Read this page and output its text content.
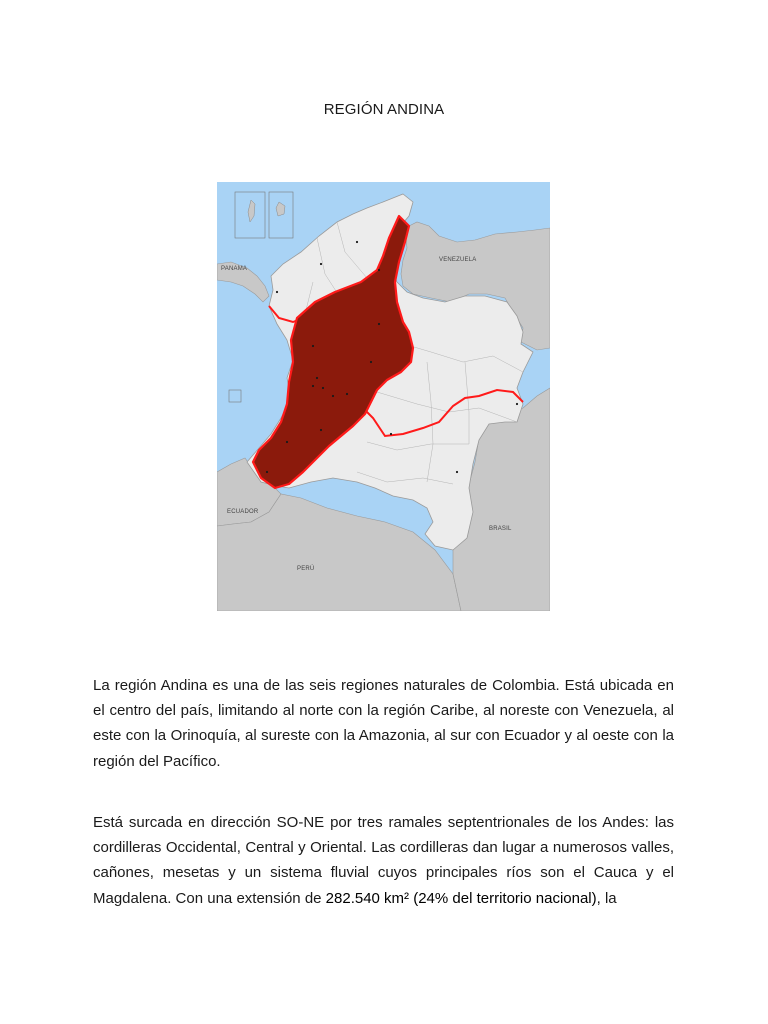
REGIÓN ANDINA
PANAMA
VENEZUELA
ECUADOR
PERÚ
BRASIL

La región Andina es una de las seis regiones naturales de Colombia. Está ubicada en el centro del país, limitando al norte con la región Caribe, al noreste con Venezuela, al este con la Orinoquía, al sureste con la Amazonia, al sur con Ecuador y al oeste con la región del Pacífico.

Está surcada en dirección SO-NE por tres ramales septentrionales de los Andes: las cordilleras Occidental, Central y Oriental. Las cordilleras dan lugar a numerosos valles, cañones, mesetas y un sistema fluvial cuyos principales ríos son el Cauca y el Magdalena. Con una extensión de 282.540 km² (24% del territorio nacional), la
